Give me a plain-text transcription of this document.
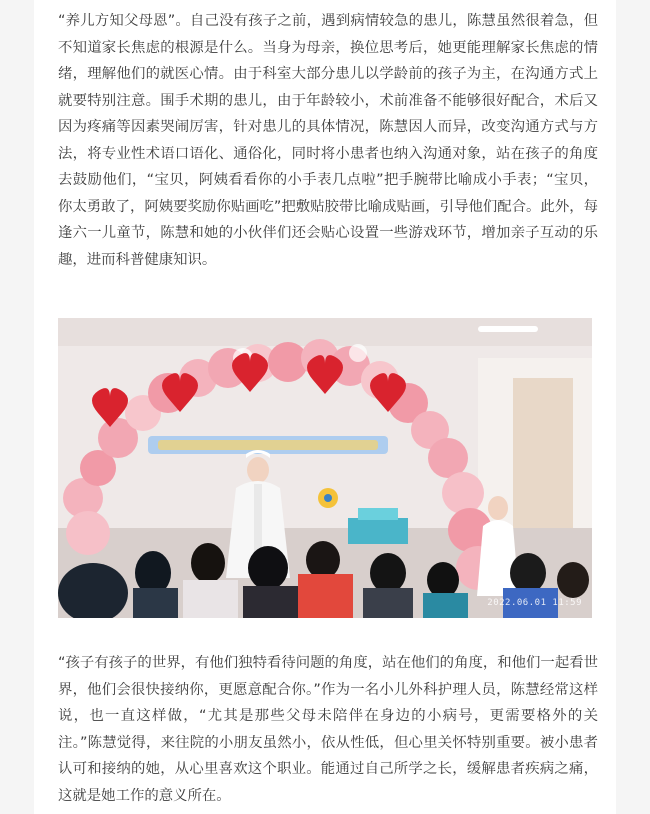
“养儿方知父母恩”。自己没有孩子之前，遇到病情较急的患儿，陈慧虽然很着急，但不知道家长焦虑的根源是什么。当身为母亲，换位思考后，她更能理解家长焦虑的情绪，理解他们的就医心情。由于科室大部分患儿以学龄前的孩子为主，在沟通方式上就要特别注意。围手术期的患儿，由于年龄较小，术前准备不能够很好配合，术后又因为疼痛等因素哭闹厉害，针对患儿的具体情况，陈慧因人而异，改变沟通方式与方法，将专业性术语口语化、通俗化，同时将小患者也纳入沟通对象，站在孩子的角度去鼓励他们，“宝贝，阿姨看看你的小手表几点啦”把手腕带比喻成小手表；“宝贝，你太勇敢了，阿姨要奖励你贴画吃”把敷贴胶带比喻成贴画，引导他们配合。此外，每逢六一儿童节，陈慧和她的小伙伴们还会贴心设置一些游戏环节，增加亲子互动的乐趣，进而科普健康知识。

2022.06.01 11:59

“孩子有孩子的世界，有他们独特看待问题的角度，站在他们的角度，和他们一起看世界，他们会很快接纳你，更愿意配合你。”作为一名小儿外科护理人员，陈慧经常这样说，也一直这样做，“尤其是那些父母未陪伴在身边的小病号，更需要格外的关注。”陈慧觉得，来往院的小朋友虽然小，依从性低，但心里关怀特别重要。被小患者认可和接纳的她，从心里喜欢这个职业。能通过自己所学之长，缓解患者疾病之痛，这就是她工作的意义所在。
